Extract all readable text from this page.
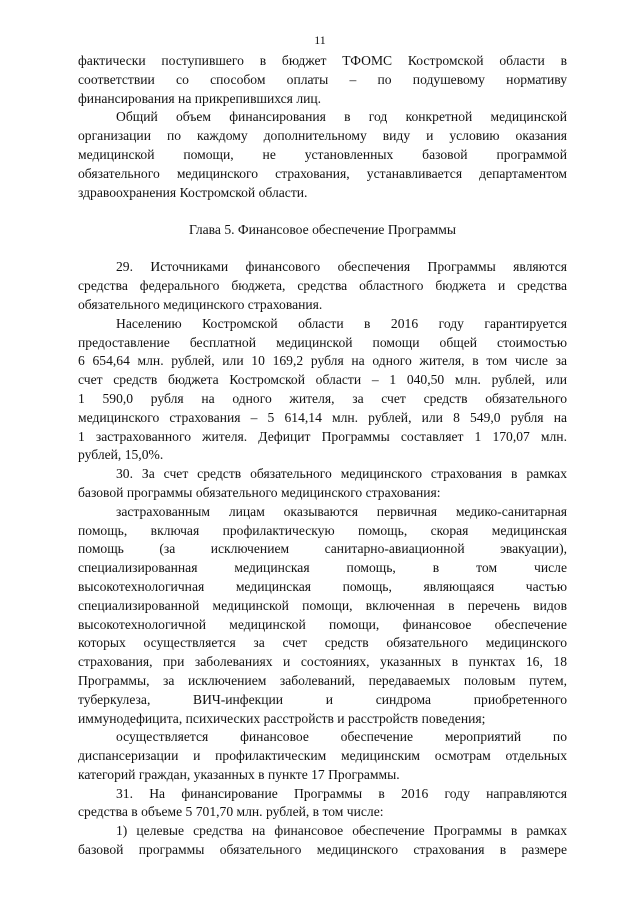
11
фактически поступившего в бюджет ТФОМС Костромской области в
соответствии со способом оплаты – по подушевому нормативу
финансирования на прикрепившихся лиц.
Общий объем финансирования в год конкретной медицинской
организации по каждому дополнительному виду и условию оказания
медицинской помощи, не установленных базовой программой
обязательного медицинского страхования, устанавливается департаментом
здравоохранения Костромской области.
Глава 5. Финансовое обеспечение Программы
29. Источниками финансового обеспечения Программы являются
средства федерального бюджета, средства областного бюджета и средства
обязательного медицинского страхования.
Населению Костромской области в 2016 году гарантируется
предоставление бесплатной медицинской помощи общей стоимостью
6 654,64 млн. рублей, или 10 169,2 рубля на одного жителя, в том числе за
счет средств бюджета Костромской области – 1 040,50 млн. рублей, или
1 590,0 рубля на одного жителя, за счет средств обязательного
медицинского страхования – 5 614,14 млн. рублей, или 8 549,0 рубля на
1 застрахованного жителя. Дефицит Программы составляет 1 170,07 млн.
рублей, 15,0%.
30. За счет средств обязательного медицинского страхования в рамках
базовой программы обязательного медицинского страхования:
застрахованным лицам оказываются первичная медико-санитарная
помощь, включая профилактическую помощь, скорая медицинская
помощь (за исключением санитарно-авиационной эвакуации),
специализированная медицинская помощь, в том числе
высокотехнологичная медицинская помощь, являющаяся частью
специализированной медицинской помощи, включенная в перечень видов
высокотехнологичной медицинской помощи, финансовое обеспечение
которых осуществляется за счет средств обязательного медицинского
страхования, при заболеваниях и состояниях, указанных в пунктах 16, 18
Программы, за исключением заболеваний, передаваемых половым путем,
туберкулеза, ВИЧ-инфекции и синдрома приобретенного
иммунодефицита, психических расстройств и расстройств поведения;
осуществляется финансовое обеспечение мероприятий по
диспансеризации и профилактическим медицинским осмотрам отдельных
категорий граждан, указанных в пункте 17 Программы.
31. На финансирование Программы в 2016 году направляются
средства в объеме 5 701,70 млн. рублей, в том числе:
1) целевые средства на финансовое обеспечение Программы в рамках
базовой программы обязательного медицинского страхования в размере
